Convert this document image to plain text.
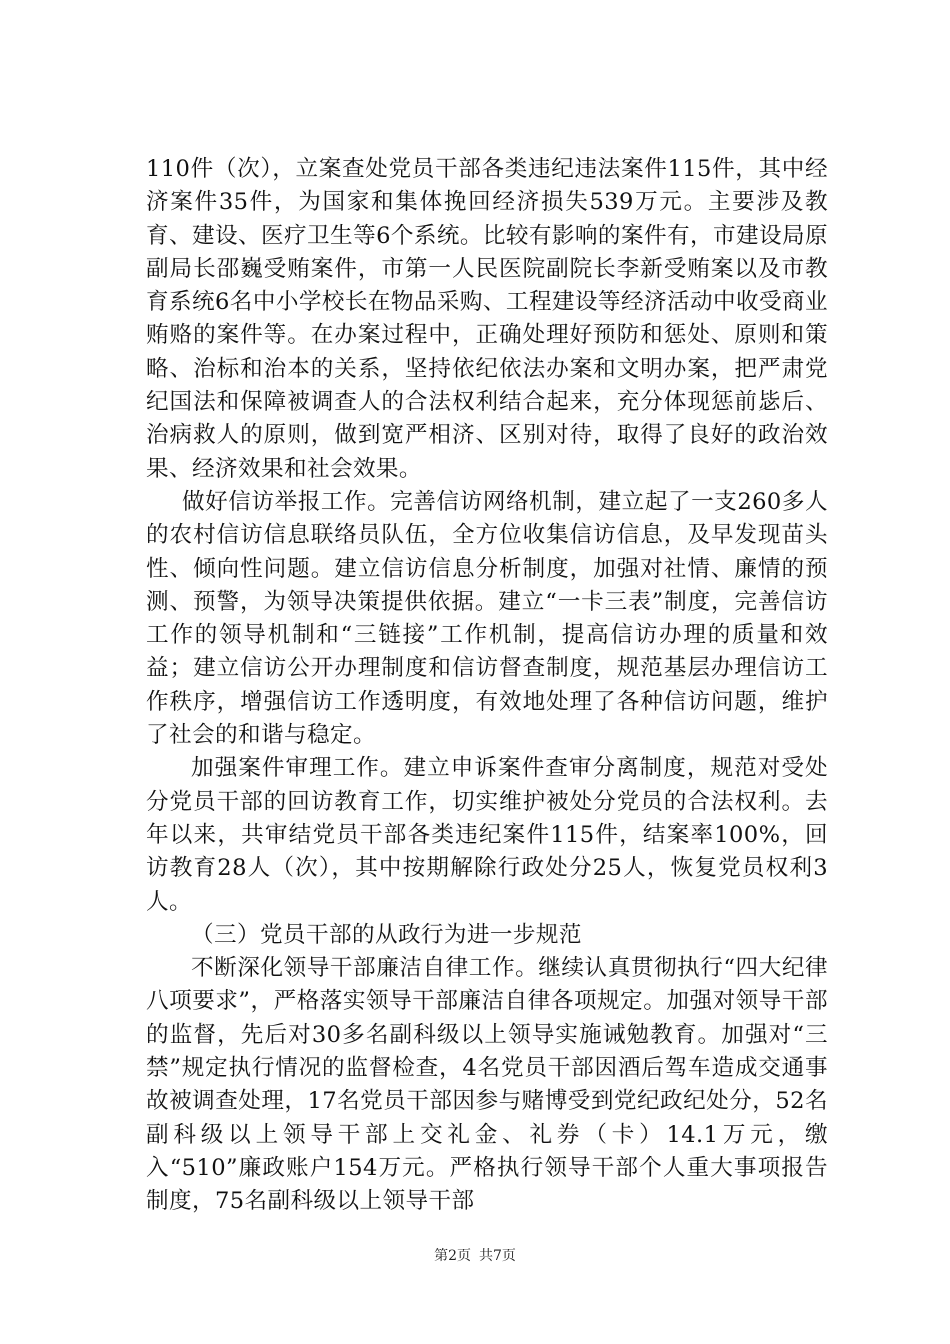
110件（次），立案查处党员干部各类违纪违法案件115件，其中经济案件35件，为国家和集体挽回经济损失539万元。主要涉及教育、建设、医疗卫生等6个系统。比较有影响的案件有，市建设局原副局长邵巍受贿案件，市第一人民医院副院长李新受贿案以及市教育系统6名中小学校长在物品采购、工程建设等经济活动中收受商业贿赂的案件等。在办案过程中，正确处理好预防和惩处、原则和策略、治标和治本的关系，坚持依纪依法办案和文明办案，把严肃党纪国法和保障被调查人的合法权利结合起来，充分体现惩前毖后、治病救人的原则，做到宽严相济、区别对待，取得了良好的政治效果、经济效果和社会效果。

做好信访举报工作。完善信访网络机制，建立起了一支260多人的农村信访信息联络员队伍，全方位收集信访信息，及早发现苗头性、倾向性问题。建立信访信息分析制度，加强对社情、廉情的预测、预警，为领导决策提供依据。建立“一卡三表”制度，完善信访工作的领导机制和“三链接”工作机制，提高信访办理的质量和效益；建立信访公开办理制度和信访督查制度，规范基层办理信访工作秩序，增强信访工作透明度，有效地处理了各种信访问题，维护了社会的和谐与稳定。

加强案件审理工作。建立申诉案件查审分离制度，规范对受处分党员干部的回访教育工作，切实维护被处分党员的合法权利。去年以来，共审结党员干部各类违纪案件115件，结案率100%，回访教育28人（次），其中按期解除行政处分25人，恢复党员权利3人。

（三）党员干部的从政行为进一步规范

不断深化领导干部廉洁自律工作。继续认真贯彻执行“四大纪律八项要求”，严格落实领导干部廉洁自律各项规定。加强对领导干部的监督，先后对30多名副科级以上领导实施诫勉教育。加强对“三禁”规定执行情况的监督检查，4名党员干部因酒后驾车造成交通事故被调查处理，17名党员干部因参与赌博受到党纪政纪处分，52名副科级以上领导干部上交礼金、礼券（卡）14.1万元，缴入“510”廉政账户154万元。严格执行领导干部个人重大事项报告制度，75名副科级以上领导干部

第2页 共7页
